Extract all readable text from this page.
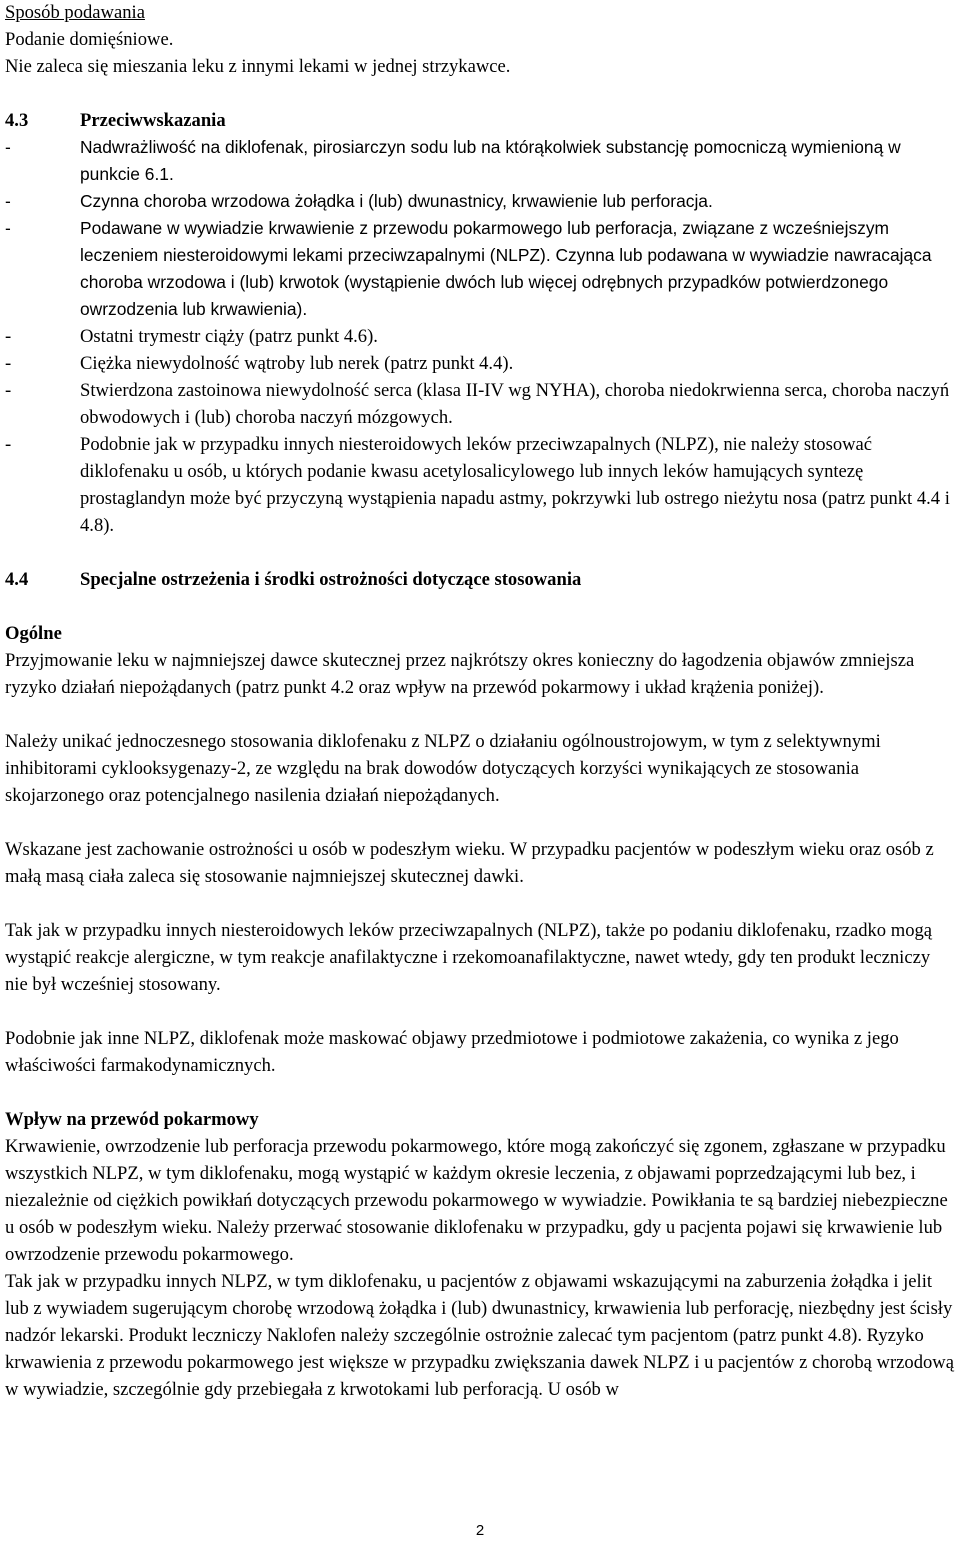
Sposób podawania

Podanie domięśniowe.

Nie zaleca się mieszania leku z innymi lekami w jednej strzykawce.

4.3	Przeciwwskazania
-	Nadwrażliwość na diklofenak, pirosiarczyn sodu lub na którąkolwiek substancję pomocniczą wymienioną w punkcie 6.1.
-	Czynna choroba wrzodowa żołądka i (lub) dwunastnicy, krwawienie lub perforacja.
-	Podawane w wywiadzie krwawienie z przewodu pokarmowego lub perforacja, związane z wcześniejszym leczeniem niesteroidowymi lekami przeciwzapalnymi (NLPZ). Czynna lub podawana w wywiadzie nawracająca choroba wrzodowa i (lub) krwotok (wystąpienie dwóch lub więcej odrębnych przypadków potwierdzonego owrzodzenia lub krwawienia).
-	Ostatni trymestr ciąży (patrz punkt 4.6).
-	Ciężka niewydolność wątroby lub nerek (patrz punkt 4.4).
-	Stwierdzona zastoinowa niewydolność serca (klasa II-IV wg NYHA), choroba niedokrwienna serca, choroba naczyń obwodowych i (lub) choroba naczyń mózgowych.
-	Podobnie jak w przypadku innych niesteroidowych leków przeciwzapalnych (NLPZ), nie należy stosować diklofenaku u osób, u których podanie kwasu acetylosalicylowego lub innych leków hamujących syntezę prostaglandyn może być przyczyną wystąpienia napadu astmy, pokrzywki lub ostrego nieżytu nosa (patrz punkt 4.4 i 4.8).
4.4	Specjalne ostrzeżenia i środki ostrożności dotyczące stosowania

Ogólne

Przyjmowanie leku w najmniejszej dawce skutecznej przez najkrótszy okres konieczny do łagodzenia objawów zmniejsza ryzyko działań niepożądanych (patrz punkt 4.2 oraz wpływ na przewód pokarmowy i układ krążenia poniżej).

Należy unikać jednoczesnego stosowania diklofenaku z NLPZ o działaniu ogólnoustrojowym, w tym z selektywnymi inhibitorami cyklooksygenazy-2, ze względu na brak dowodów dotyczących korzyści wynikających ze stosowania skojarzonego oraz potencjalnego nasilenia działań niepożądanych.

Wskazane jest zachowanie ostrożności u osób w podeszłym wieku. W przypadku pacjentów w podeszłym wieku oraz osób z małą masą ciała zaleca się stosowanie najmniejszej skutecznej dawki.

Tak jak w przypadku innych niesteroidowych leków przeciwzapalnych (NLPZ), także po podaniu diklofenaku, rzadko mogą wystąpić reakcje alergiczne, w tym reakcje anafilaktyczne i rzekomoanafilaktyczne, nawet wtedy, gdy ten produkt leczniczy nie był wcześniej stosowany.

Podobnie jak inne NLPZ, diklofenak może maskować objawy przedmiotowe i podmiotowe zakażenia, co wynika z jego właściwości farmakodynamicznych.

Wpływ na przewód pokarmowy

Krwawienie, owrzodzenie lub perforacja przewodu pokarmowego, które mogą zakończyć się zgonem, zgłaszane w przypadku wszystkich NLPZ, w tym diklofenaku, mogą wystąpić w każdym okresie leczenia, z objawami poprzedzającymi lub bez, i niezależnie od ciężkich powikłań dotyczących przewodu pokarmowego w wywiadzie. Powikłania te są bardziej niebezpieczne u osób w podeszłym wieku. Należy przerwać stosowanie diklofenaku w przypadku, gdy u pacjenta pojawi się krwawienie lub owrzodzenie przewodu pokarmowego.

Tak jak w przypadku innych NLPZ, w tym diklofenaku, u pacjentów z objawami wskazującymi na zaburzenia żołądka i jelit lub z wywiadem sugerującym chorobę wrzodową żołądka i (lub) dwunastnicy, krwawienia lub perforację, niezbędny jest ścisły nadzór lekarski. Produkt leczniczy Naklofen należy szczególnie ostrożnie zalecać tym pacjentom (patrz punkt 4.8). Ryzyko krwawienia z przewodu pokarmowego jest większe w przypadku zwiększania dawek NLPZ i u pacjentów z chorobą wrzodową w wywiadzie, szczególnie gdy przebiegała z krwotokami lub perforacją. U osób w

2
